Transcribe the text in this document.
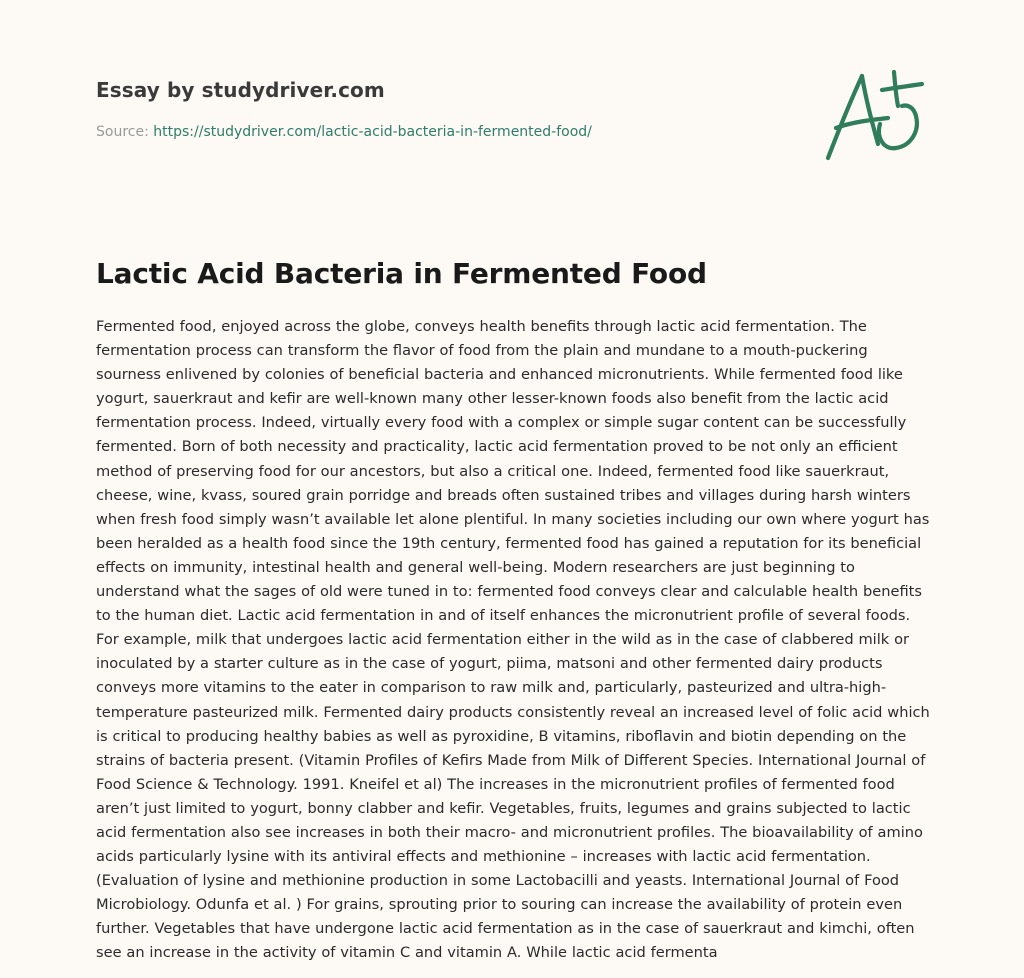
Essay by studydriver.com

Source: https://studydriver.com/lactic-acid-bacteria-in-fermented-food/
Lactic Acid Bacteria in Fermented Food

Fermented food, enjoyed across the globe, conveys health benefits through lactic acid fermentation. The fermentation process can transform the flavor of food from the plain and mundane to a mouth-puckering sourness enlivened by colonies of beneficial bacteria and enhanced micronutrients. While fermented food like yogurt, sauerkraut and kefir are well-known many other lesser-known foods also benefit from the lactic acid fermentation process. Indeed, virtually every food with a complex or simple sugar content can be successfully fermented. Born of both necessity and practicality, lactic acid fermentation proved to be not only an efficient method of preserving food for our ancestors, but also a critical one. Indeed, fermented food like sauerkraut, cheese, wine, kvass, soured grain porridge and breads often sustained tribes and villages during harsh winters when fresh food simply wasn’t available let alone plentiful. In many societies including our own where yogurt has been heralded as a health food since the 19th century, fermented food has gained a reputation for its beneficial effects on immunity, intestinal health and general well-being. Modern researchers are just beginning to understand what the sages of old were tuned in to: fermented food conveys clear and calculable health benefits to the human diet. Lactic acid fermentation in and of itself enhances the micronutrient profile of several foods. For example, milk that undergoes lactic acid fermentation either in the wild as in the case of clabbered milk or inoculated by a starter culture as in the case of yogurt, piima, matsoni and other fermented dairy products conveys more vitamins to the eater in comparison to raw milk and, particularly, pasteurized and ultra-high-temperature pasteurized milk. Fermented dairy products consistently reveal an increased level of folic acid which is critical to producing healthy babies as well as pyroxidine, B vitamins, riboflavin and biotin depending on the strains of bacteria present. (Vitamin Profiles of Kefirs Made from Milk of Different Species. International Journal of Food Science & Technology. 1991. Kneifel et al) The increases in the micronutrient profiles of fermented food aren’t just limited to yogurt, bonny clabber and kefir. Vegetables, fruits, legumes and grains subjected to lactic acid fermentation also see increases in both their macro- and micronutrient profiles. The bioavailability of amino acids particularly lysine with its antiviral effects and methionine – increases with lactic acid fermentation. (Evaluation of lysine and methionine production in some Lactobacilli and yeasts. International Journal of Food Microbiology. Odunfa et al. ) For grains, sprouting prior to souring can increase the availability of protein even further. Vegetables that have undergone lactic acid fermentation as in the case of sauerkraut and kimchi, often see an increase in the activity of vitamin C and vitamin A. While lactic acid fermenta
